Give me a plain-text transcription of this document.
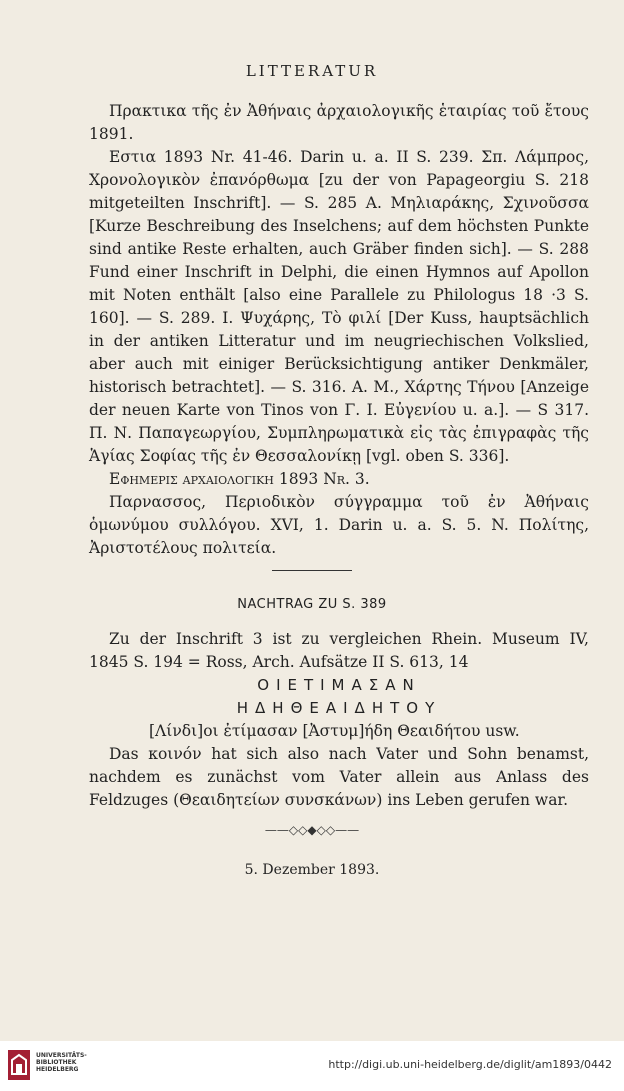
LITTERATUR

Πρακτικα τῆς ἐν Ἀθήναις ἀρχαιολογικῆς ἑταιρίας τοῦ ἔτους 1891.

Εστια 1893 Nr. 41-46. Darin u. a. II S. 239. Σπ. Λάμπρος, Χρονολογικὸν ἐπανόρθωμα [zu der von Papageorgiu S. 218 mitgeteilten Inschrift]. — S. 285 A. Μηλιαράκης, Σχινοῦσσα [Kurze Beschreibung des Inselchens; auf dem höchsten Punkte sind antike Reste erhalten, auch Gräber finden sich]. — S. 288 Fund einer Inschrift in Delphi, die einen Hymnos auf Apollon mit Noten enthält [also eine Parallele zu Philologus 18 ·3 S. 160]. — S. 289. I. Ψυχάρης, Τὸ φιλί [Der Kuss, hauptsächlich in der antiken Litteratur und im neugriechischen Volkslied, aber auch mit einiger Berücksichtigung antiker Denkmäler, historisch betrachtet]. — S. 316. A. M., Χάρτης Τήνου [Anzeige der neuen Karte von Tinos von Γ. I. Εὐγενίου u. a.]. — S 317. Π. Ν. Παπαγεωργίου, Συμπληρωματικὰ εἰς τὰς ἐπιγραφὰς τῆς Ἁγίας Σοφίας τῆς ἐν Θεσσαλονίκῃ [vgl. oben S. 336].

Εφημερις αρχαιολογικη 1893 Nr. 3.

Παρνασσος, Περιοδικὸν σύγγραμμα τοῦ ἐν Ἀθήναις ὁμωνύμου συλλόγου. XVI, 1. Darin u. a. S. 5. N. Πολίτης, Ἀριστοτέλους πολιτεία.

NACHTRAG ZU S. 389

Zu der Inschrift 3 ist zu vergleichen Rhein. Museum IV, 1845 S. 194 = Ross, Arch. Aufsätze II S. 613, 14

ΟΙΕΤΙΜΑΣΑΝ
ΗΔΗΘΕΑΙΔΗΤΟΥ

[Λίνδι]οι ἐτίμασαν [Ἀστυμ]ήδη Θεαιδήτου usw.

Das κοινόν hat sich also nach Vater und Sohn benamst, nachdem es zunächst vom Vater allein aus Anlass des Feldzuges (Θεαιδητείων συνσκάνων) ins Leben gerufen war.

——◇◇◆◇◇——
5. Dezember 1893.
UNIVERSITÄTS-
BIBLIOTHEK
HEIDELBERG	http://digi.ub.uni-heidelberg.de/diglit/am1893/0442
